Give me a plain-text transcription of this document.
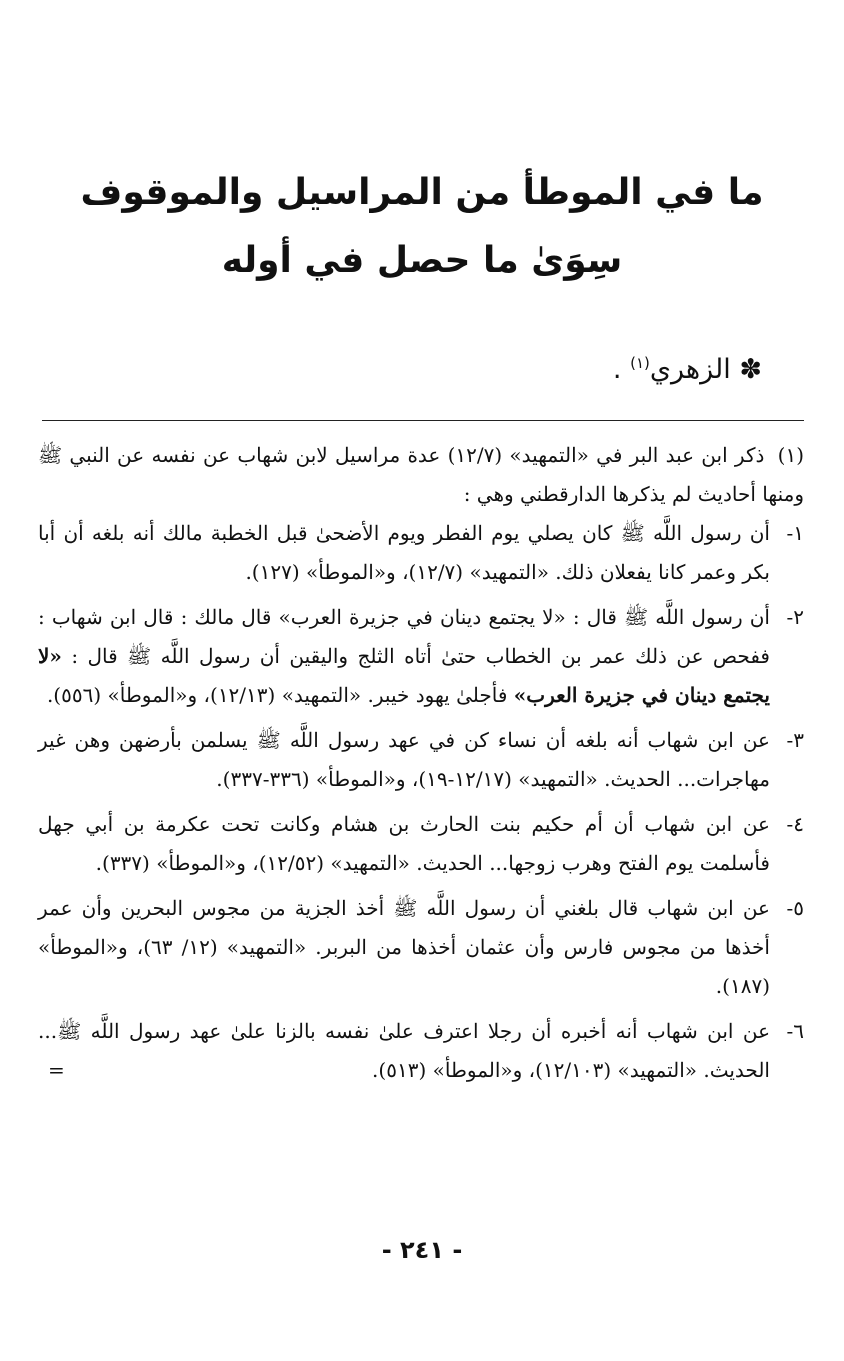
ما في الموطأ من المراسيل والموقوف
سِوَىٰ ما حصل في أوله
✽ الزهري$^{(١)}$ .

(١) ذكر ابن عبد البر في «التمهيد» (١٢/٧) عدة مراسيل لابن شهاب عن نفسه عن النبي ﷺ ومنها أحاديث لم يذكرها الدارقطني وهي :

١-
أن رسول اللَّه ﷺ كان يصلي يوم الفطر ويوم الأضحىٰ قبل الخطبة مالك أنه بلغه أن أبا بكر وعمر كانا يفعلان ذلك. «التمهيد» (١٢/٧)، و«الموطأ» (١٢٧).

٢-
أن رسول اللَّه ﷺ قال : «لا يجتمع دينان في جزيرة العرب» قال مالك : قال ابن شهاب : ففحص عن ذلك عمر بن الخطاب حتىٰ أتاه الثلج واليقين أن رسول اللَّه ﷺ قال : «لا يجتمع دينان في جزيرة العرب» فأجلىٰ يهود خيبر. «التمهيد» (١٢/١٣)، و«الموطأ» (٥٥٦).

٣-
عن ابن شهاب أنه بلغه أن نساء كن في عهد رسول اللَّه ﷺ يسلمن بأرضهن وهن غير مهاجرات... الحديث. «التمهيد» (١٢/١٧-١٩)، و«الموطأ» (٣٣٦-٣٣٧).

٤-
عن ابن شهاب أن أم حكيم بنت الحارث بن هشام وكانت تحت عكرمة بن أبي جهل فأسلمت يوم الفتح وهرب زوجها... الحديث. «التمهيد» (١٢/٥٢)، و«الموطأ» (٣٣٧).

٥-
عن ابن شهاب قال بلغني أن رسول اللَّه ﷺ أخذ الجزية من مجوس البحرين وأن عمر أخذها من مجوس فارس وأن عثمان أخذها من البربر. «التمهيد» (١٢/ ٦٣)، و«الموطأ» (١٨٧).

٦-
عن ابن شهاب أنه أخبره أن رجلا اعترف علىٰ نفسه بالزنا علىٰ عهد رسول اللَّه ﷺ... الحديث. «التمهيد» (١٢/١٠٣)، و«الموطأ» (٥١٣).
=

- ٢٤١ -
